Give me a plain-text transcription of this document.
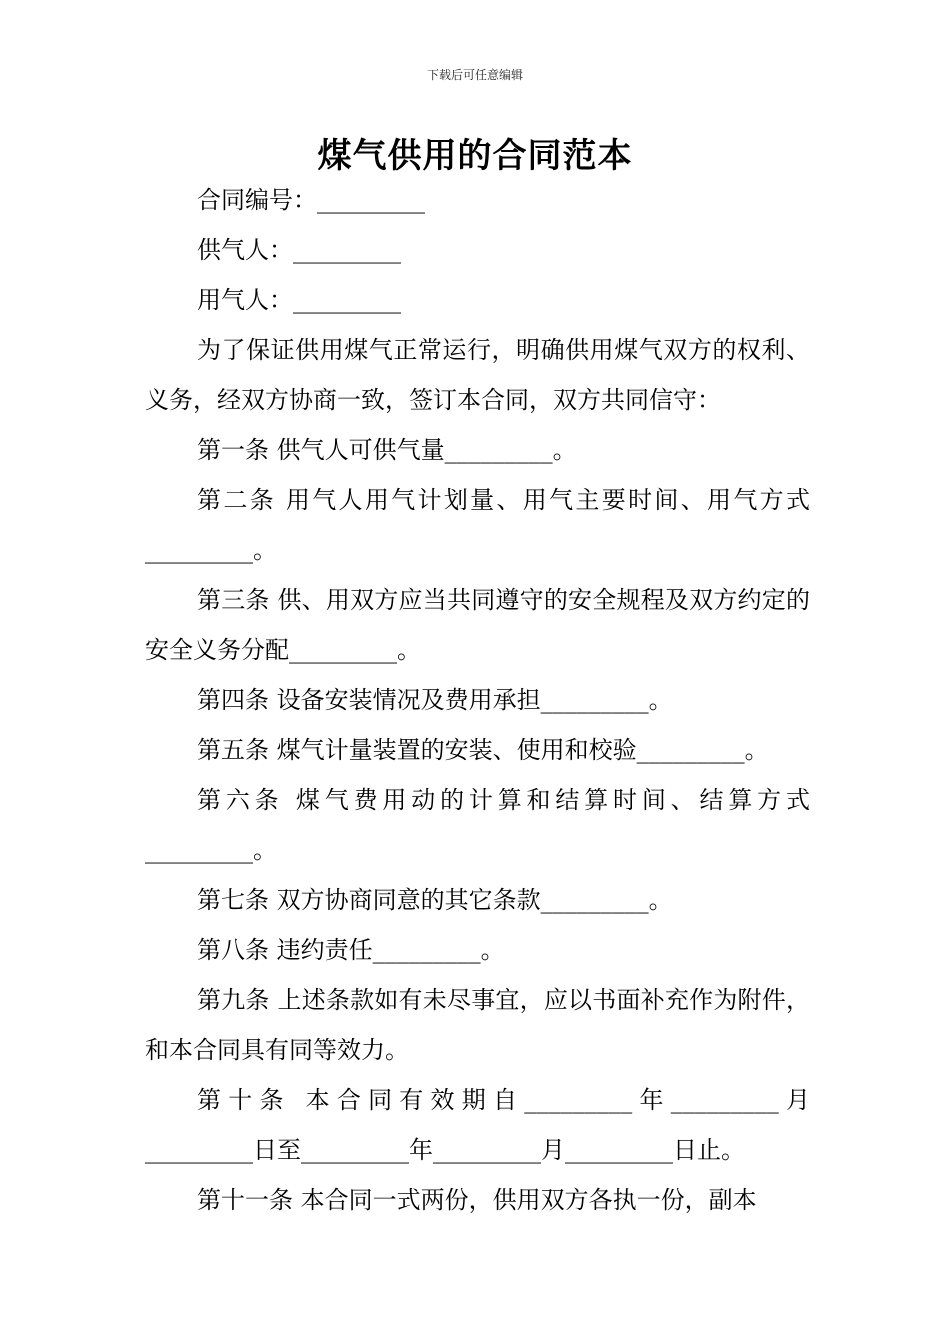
下载后可任意编辑
煤气供用的合同范本

合同编号：_________

供气人：_________

用气人：_________

为了保证供用煤气正常运行，明确供用煤气双方的权利、义务，经双方协商一致，签订本合同，双方共同信守：

第一条 供气人可供气量_________。

第二条 用气人用气计划量、用气主要时间、用气方式_________。

第三条 供、用双方应当共同遵守的安全规程及双方约定的安全义务分配_________。

第四条 设备安装情况及费用承担_________。

第五条 煤气计量装置的安装、使用和校验_________。

第六条 煤气费用动的计算和结算时间、结算方式_________。

第七条 双方协商同意的其它条款_________。

第八条 违约责任_________。

第九条 上述条款如有未尽事宜，应以书面补充作为附件，和本合同具有同等效力。

第十条 本合同有效期自_________年_________月_________日至_________年_________月_________日止。

第十一条 本合同一式两份，供用双方各执一份，副本
